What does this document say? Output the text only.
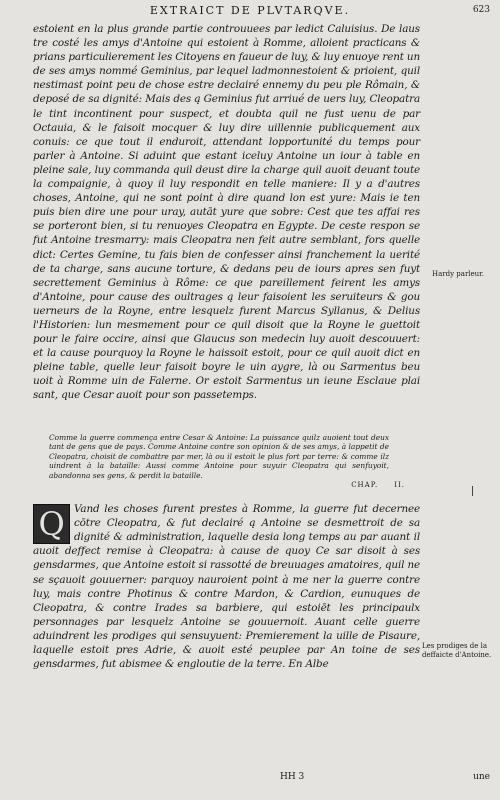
EXTRAICT DE PLVTARQVE.	623

estoient en la plus grande partie controuuees par ledict Caluisius. De laus tre costé les amys d'Antoine qui estoient à Romme, alloient practicans & prians particulierement les Citoyens en faueur de luy, & luy enuoye rent un de ses amys nommé Geminius, par lequel ladmonnestoient & prioient, quil nestimast point peu de chose estre declairé ennemy du peu ple Rômain, & deposé de sa dignité: Mais des ą Geminius fut arriué de uers luy, Cleopatra le tint incontinent pour suspect, et doubta quil ne fust uenu de par Octauia, & le faisoit mocquer & luy dire uillennie publicquement aux conuis: ce que tout il enduroit, attendant lopportunité du temps pour parler à Antoine. Si aduint que estant iceluy Antoine un iour à table en pleine sale, luy commanda quil deust dire la charge quil auoit deuant toute la compaignie, à quoy il luy respondit en telle maniere: Il y a d'autres choses, Antoine, qui ne sont point à dire quand lon est yure: Mais ie ten puis bien dire une pour uray, autāt yure que sobre: Cest que tes affai res se porteront bien, si tu renuoyes Cleopatra en Egypte. De ceste respon se fut Antoine tresmarry: mais Cleopatra nen feit autre semblant, fors quelle dict: Certes Gemine, tu fais bien de confesser ainsi franchement la uerité de ta charge, sans aucune torture, & dedans peu de iours apres sen fuyt secrettement Geminius à Rôme: ce que pareillement feirent les amys d'Antoine, pour cause des oultrages ą leur faisoient les seruiteurs & gou uerneurs de la Royne, entre lesquelz furent Marcus Syllanus, & Delius l'Historien: lun mesmement pour ce quil disoit que la Royne le guettoit pour le faire occire, ainsi que Glaucus son medecin luy auoit descouuert: et la cause pourquoy la Royne le haissoit estoit, pour ce quil auoit dict en pleine table, quelle leur faisoit boyre le uin aygre, là ou Sarmentus beu uoit à Romme uin de Falerne. Or estoit Sarmentus un ieune Esclaue plai sant, que Cesar auoit pour son passetemps.

Comme la guerre commença entre Cesar & Antoine: La puissance quilz auoient tout deux tant de gens que de pays. Comme Antoine contre son opinion & de ses amys, à lappetit de Cleopatra, choisit de combattre par mer, là ou il estoit le plus fort par terre: & comme ilz uindrent à la bataille: Aussi comme Antoine pour suyuir Cleopatra qui senfuyoit, abandonna ses gens, & perdit la bataille.
CHAP. II.

Q Vand les choses furent prestes à Romme, la guerre fut decernee cōtre Cleopatra, & fut declairé ą Antoine se desmettroit de sa dignité & administration, laquelle desia long temps au par auant il auoit deffect remise à Cleopatra: à cause de quoy Ce sar disoit à ses gensdarmes, que Antoine estoit si rassotté de breuuages amatoires, quil ne se sçauoit gouuerner: parquoy nauroient point à me ner la guerre contre luy, mais contre Photinus & contre Mardon, & Cardion, eunuques de Cleopatra, & contre Irades sa barbiere, qui estoiēt les principaulx personnages par lesquelz Antoine se gouuernoit. Auant celle guerre aduindrent les prodiges qui sensuyuent: Premierement la uille de Pisaure, laquelle estoit pres Adrie, & auoit esté peuplee par An toine de ses gensdarmes, fut abismee & engloutie de la terre. En Albe

Hardy parleur.
Les prodiges de la deffaicte d'Antoine.
HH 3	une
